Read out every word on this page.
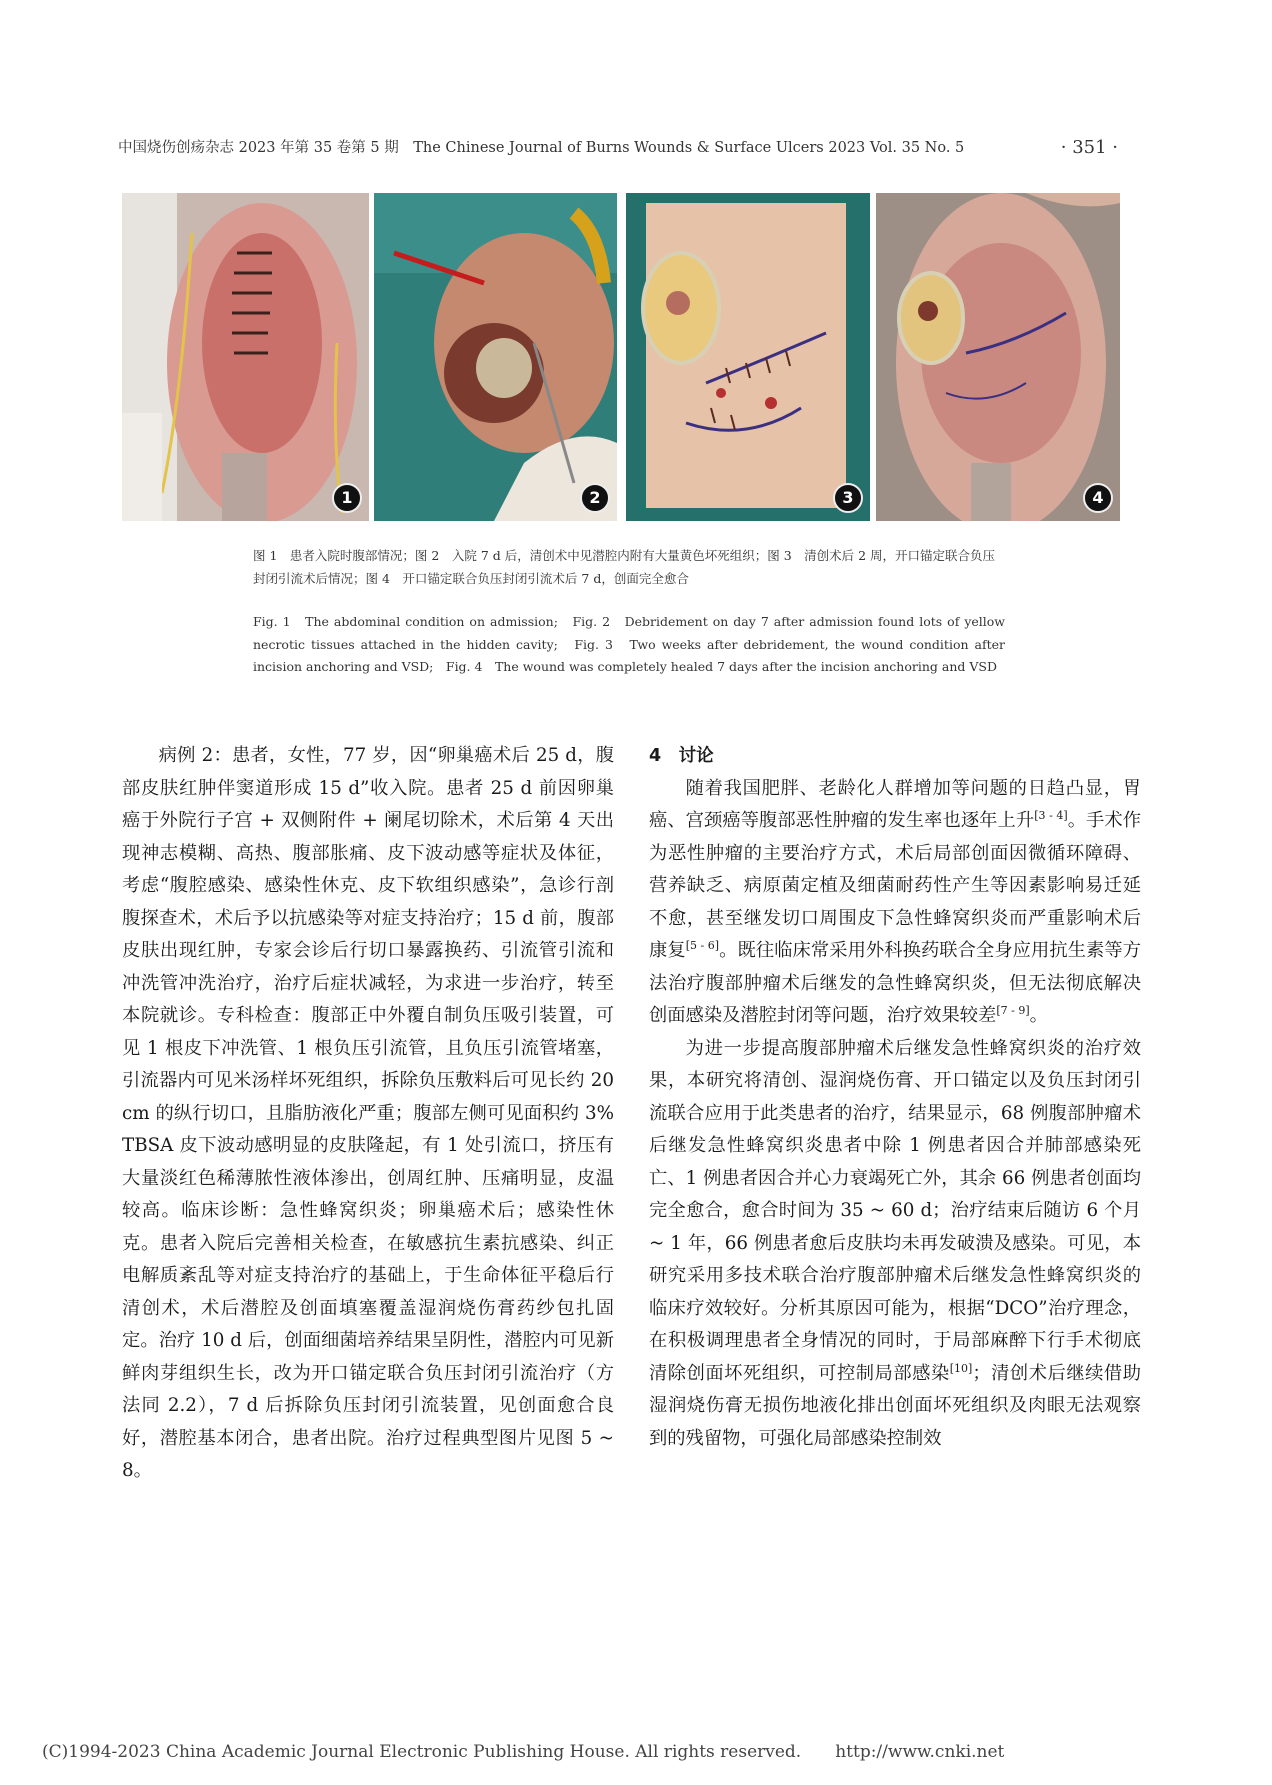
中国烧伤创疡杂志 2023 年第 35 卷第 5 期　The Chinese Journal of Burns Wounds & Surface Ulcers 2023 Vol. 35 No. 5	· 351 ·
1	2	3	4
图 1　患者入院时腹部情况；图 2　入院 7 d 后，清创术中见潜腔内附有大量黄色坏死组织；图 3　清创术后 2 周，开口锚定联合负压封闭引流术后情况；图 4　开口锚定联合负压封闭引流术后 7 d，创面完全愈合
Fig. 1　The abdominal condition on admission;　Fig. 2　Debridement on day 7 after admission found lots of yellow necrotic tissues attached in the hidden cavity;　Fig. 3　Two weeks after debridement, the wound condition after incision anchoring and VSD;　Fig. 4　The wound was completely healed 7 days after the incision anchoring and VSD

病例 2：患者，女性，77 岁，因“卵巢癌术后 25 d，腹部皮肤红肿伴窦道形成 15 d”收入院。患者 25 d 前因卵巢癌于外院行子宫 + 双侧附件 + 阑尾切除术，术后第 4 天出现神志模糊、高热、腹部胀痛、皮下波动感等症状及体征，考虑“腹腔感染、感染性休克、皮下软组织感染”，急诊行剖腹探查术，术后予以抗感染等对症支持治疗；15 d 前，腹部皮肤出现红肿，专家会诊后行切口暴露换药、引流管引流和冲洗管冲洗治疗，治疗后症状减轻，为求进一步治疗，转至本院就诊。专科检查：腹部正中外覆自制负压吸引装置，可见 1 根皮下冲洗管、1 根负压引流管，且负压引流管堵塞，引流器内可见米汤样坏死组织，拆除负压敷料后可见长约 20 cm 的纵行切口，且脂肪液化严重；腹部左侧可见面积约 3% TBSA 皮下波动感明显的皮肤隆起，有 1 处引流口，挤压有大量淡红色稀薄脓性液体渗出，创周红肿、压痛明显，皮温较高。临床诊断：急性蜂窝织炎；卵巢癌术后；感染性休克。患者入院后完善相关检查，在敏感抗生素抗感染、纠正电解质紊乱等对症支持治疗的基础上，于生命体征平稳后行清创术，术后潜腔及创面填塞覆盖湿润烧伤膏药纱包扎固定。治疗 10 d 后，创面细菌培养结果呈阴性，潜腔内可见新鲜肉芽组织生长，改为开口锚定联合负压封闭引流治疗（方法同 2.2），7 d 后拆除负压封闭引流装置，见创面愈合良好，潜腔基本闭合，患者出院。治疗过程典型图片见图 5 ~ 8。

4　讨论

随着我国肥胖、老龄化人群增加等问题的日趋凸显，胃癌、宫颈癌等腹部恶性肿瘤的发生率也逐年上升[3 - 4]。手术作为恶性肿瘤的主要治疗方式，术后局部创面因微循环障碍、营养缺乏、病原菌定植及细菌耐药性产生等因素影响易迁延不愈，甚至继发切口周围皮下急性蜂窝织炎而严重影响术后康复[5 - 6]。既往临床常采用外科换药联合全身应用抗生素等方法治疗腹部肿瘤术后继发的急性蜂窝织炎，但无法彻底解决创面感染及潜腔封闭等问题，治疗效果较差[7 - 9]。

为进一步提高腹部肿瘤术后继发急性蜂窝织炎的治疗效果，本研究将清创、湿润烧伤膏、开口锚定以及负压封闭引流联合应用于此类患者的治疗，结果显示，68 例腹部肿瘤术后继发急性蜂窝织炎患者中除 1 例患者因合并肺部感染死亡、1 例患者因合并心力衰竭死亡外，其余 66 例患者创面均完全愈合，愈合时间为 35 ~ 60 d；治疗结束后随访 6 个月 ~ 1 年，66 例患者愈后皮肤均未再发破溃及感染。可见，本研究采用多技术联合治疗腹部肿瘤术后继发急性蜂窝织炎的临床疗效较好。分析其原因可能为，根据“DCO”治疗理念，在积极调理患者全身情况的同时，于局部麻醉下行手术彻底清除创面坏死组织，可控制局部感染[10]；清创术后继续借助湿润烧伤膏无损伤地液化排出创面坏死组织及肉眼无法观察到的残留物，可强化局部感染控制效

(C)1994-2023 China Academic Journal Electronic Publishing House. All rights reserved.　　http://www.cnki.net
